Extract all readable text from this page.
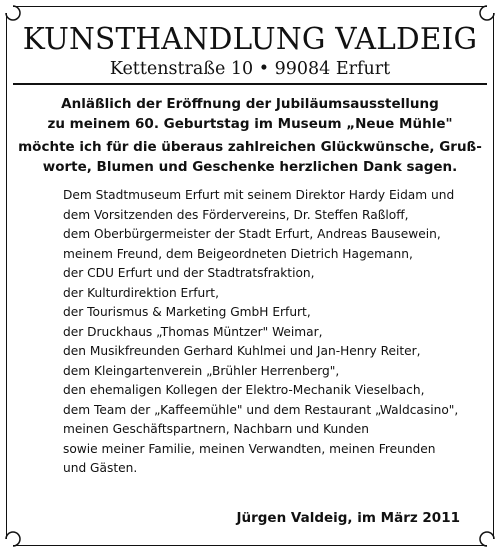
KUNSTHANDLUNG VALDEIG
Kettenstraße 10 • 99084 Erfurt
Anläßlich der Eröffnung der Jubiläumsausstellung
zu meinem 60. Geburtstag im Museum „Neue Mühle"
möchte ich für die überaus zahlreichen Glückwünsche, Gruß-
worte, Blumen und Geschenke herzlichen Dank sagen.
Dem Stadtmuseum Erfurt mit seinem Direktor Hardy Eidam und
dem Vorsitzenden des Fördervereins, Dr. Steffen Raßloff,
dem Oberbürgermeister der Stadt Erfurt, Andreas Bausewein,
meinem Freund, dem Beigeordneten Dietrich Hagemann,
der CDU Erfurt und der Stadtratsfraktion,
der Kulturdirektion Erfurt,
der Tourismus & Marketing GmbH Erfurt,
der Druckhaus „Thomas Müntzer" Weimar,
den Musikfreunden Gerhard Kuhlmei und Jan-Henry Reiter,
dem Kleingartenverein „Brühler Herrenberg",
den ehemaligen Kollegen der Elektro-Mechanik Vieselbach,
dem Team der „Kaffeemühle" und dem Restaurant „Waldcasino",
meinen Geschäftspartnern, Nachbarn und Kunden
sowie meiner Familie, meinen Verwandten, meinen Freunden
und Gästen.
Jürgen Valdeig, im März 2011
